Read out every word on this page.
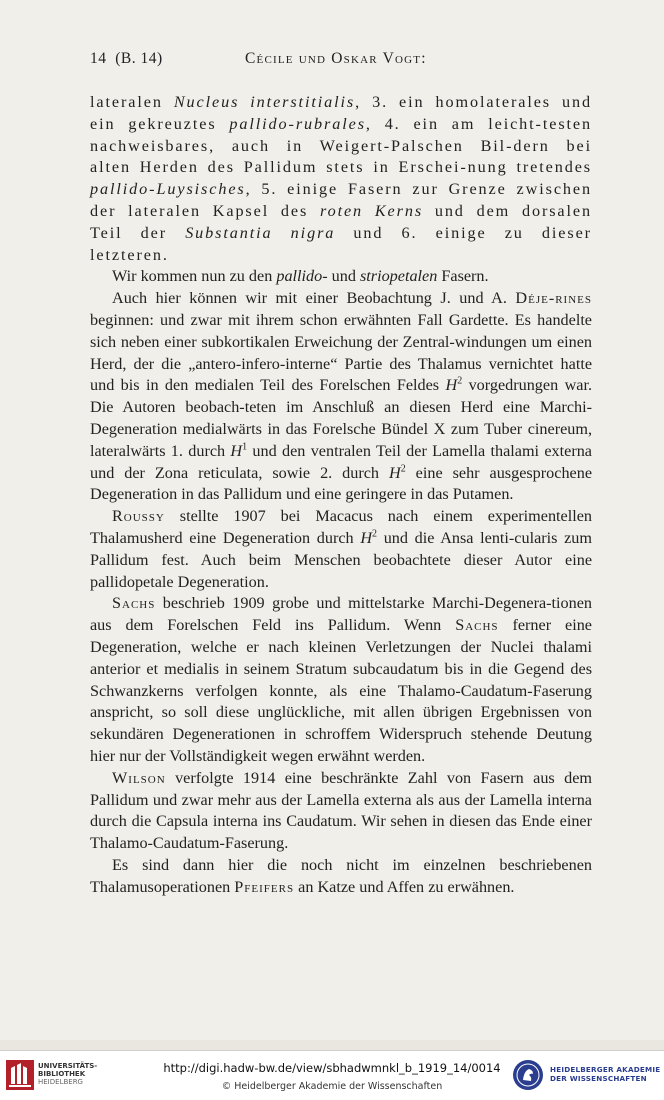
14 (B. 14)	Cécile und Oskar Vogt:

lateralen Nucleus interstitialis, 3. ein homolaterales und ein gekreuztes pallido-rubrales, 4. ein am leicht-testen nachweisbares, auch in Weigert-Palschen Bil-dern bei alten Herden des Pallidum stets in Erschei-nung tretendes pallido-Luysisches, 5. einige Fasern zur Grenze zwischen der lateralen Kapsel des roten Kerns und dem dorsalen Teil der Substantia nigra und 6. einige zu dieser letzteren.

Wir kommen nun zu den pallido- und striopetalen Fasern.

Auch hier können wir mit einer Beobachtung J. und A. Déje-rines beginnen: und zwar mit ihrem schon erwähnten Fall Gardette. Es handelte sich neben einer subkortikalen Erweichung der Zentral-windungen um einen Herd, der die „antero-infero-interne“ Partie des Thalamus vernichtet hatte und bis in den medialen Teil des Forelschen Feldes $H^2$ vorgedrungen war. Die Autoren beobach-teten im Anschluß an diesen Herd eine Marchi-Degeneration medialwärts in das Forelsche Bündel X zum Tuber cinereum, lateralwärts 1. durch $H^1$ und den ventralen Teil der Lamella thalami externa und der Zona reticulata, sowie 2. durch $H^2$ eine sehr ausgesprochene Degeneration in das Pallidum und eine geringere in das Putamen.

Roussy stellte 1907 bei Macacus nach einem experimentellen Thalamusherd eine Degeneration durch $H^2$ und die Ansa lenti-cularis zum Pallidum fest. Auch beim Menschen beobachtete dieser Autor eine pallidopetale Degeneration.

Sachs beschrieb 1909 grobe und mittelstarke Marchi-Degenera-tionen aus dem Forelschen Feld ins Pallidum. Wenn Sachs ferner eine Degeneration, welche er nach kleinen Verletzungen der Nuclei thalami anterior et medialis in seinem Stratum subcaudatum bis in die Gegend des Schwanzkerns verfolgen konnte, als eine Thalamo-Caudatum-Faserung anspricht, so soll diese unglückliche, mit allen übrigen Ergebnissen von sekundären Degenerationen in schroffem Widerspruch stehende Deutung hier nur der Vollständigkeit wegen erwähnt werden.

Wilson verfolgte 1914 eine beschränkte Zahl von Fasern aus dem Pallidum und zwar mehr aus der Lamella externa als aus der Lamella interna durch die Capsula interna ins Caudatum. Wir sehen in diesen das Ende einer Thalamo-Caudatum-Faserung.

Es sind dann hier die noch nicht im einzelnen beschriebenen Thalamusoperationen Pfeifers an Katze und Affen zu erwähnen.

UNIVERSITÄTS-
BIBLIOTHEK
HEIDELBERG
http://digi.hadw-bw.de/view/sbhadwmnkl_b_1919_14/0014
© Heidelberger Akademie der Wissenschaften
HEIDELBERGER AKADEMIE
DER WISSENSCHAFTEN
